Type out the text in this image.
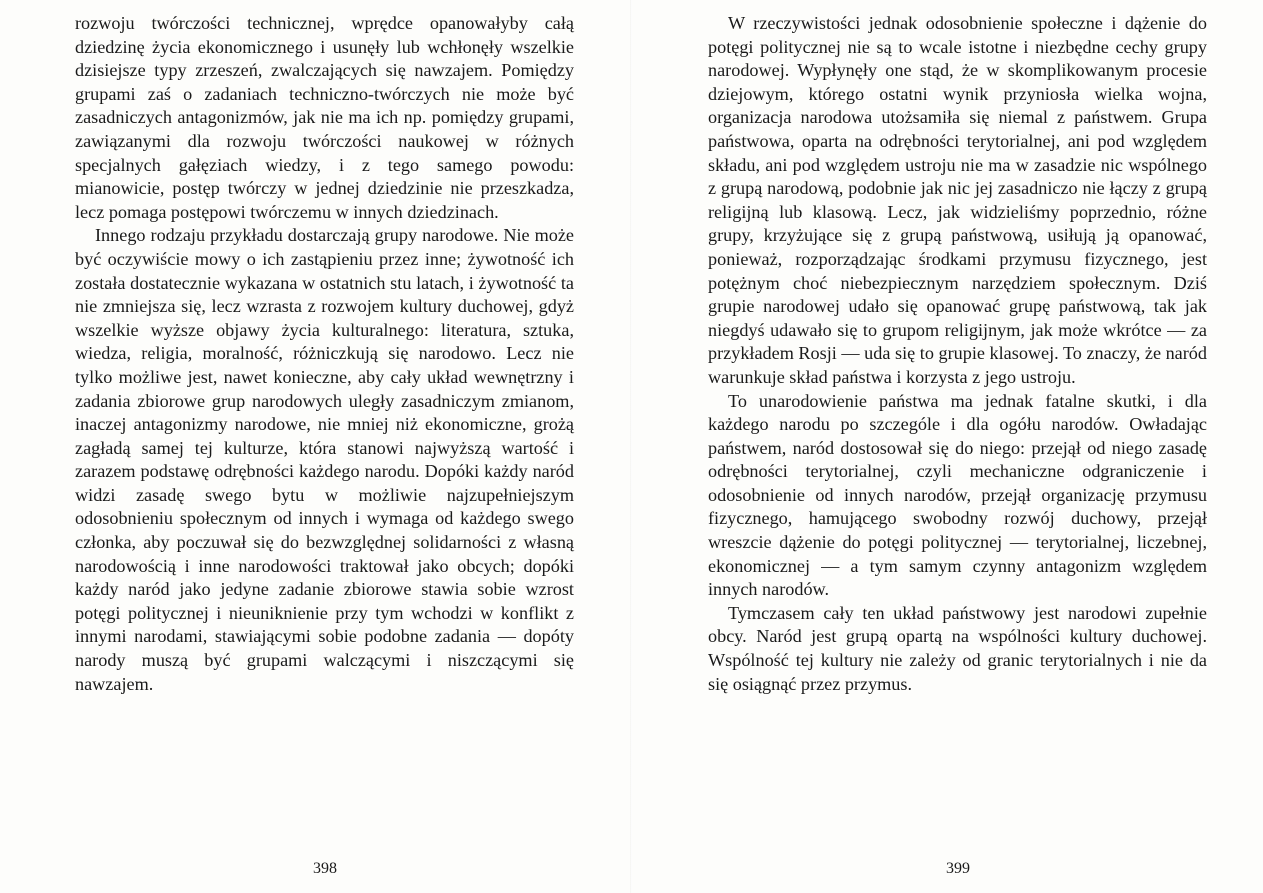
rozwoju twórczości technicznej, wprędce opanowałyby całą dziedzinę życia ekonomicznego i usunęły lub wchłonęły wszelkie dzisiejsze typy zrzeszeń, zwalczających się nawzajem. Pomiędzy grupami zaś o zadaniach techniczno-twórczych nie może być zasadniczych antagonizmów, jak nie ma ich np. pomiędzy grupami, zawiązanymi dla rozwoju twórczości naukowej w różnych specjalnych gałęziach wiedzy, i z tego samego powodu: mianowicie, postęp twórczy w jednej dziedzinie nie przeszkadza, lecz pomaga postępowi twórczemu w innych dziedzinach.

Innego rodzaju przykładu dostarczają grupy narodowe. Nie może być oczywiście mowy o ich zastąpieniu przez inne; żywotność ich została dostatecznie wykazana w ostatnich stu latach, i żywotność ta nie zmniejsza się, lecz wzrasta z rozwojem kultury duchowej, gdyż wszelkie wyższe objawy życia kulturalnego: literatura, sztuka, wiedza, religia, moralność, różniczkują się narodowo. Lecz nie tylko możliwe jest, nawet konieczne, aby cały układ wewnętrzny i zadania zbiorowe grup narodowych uległy zasadniczym zmianom, inaczej antagonizmy narodowe, nie mniej niż ekonomiczne, grożą zagładą samej tej kulturze, która stanowi najwyższą wartość i zarazem podstawę odrębności każdego narodu. Dopóki każdy naród widzi zasadę swego bytu w możliwie najzupełniejszym odosobnieniu społecznym od innych i wymaga od każdego swego członka, aby poczuwał się do bezwzględnej solidarności z własną narodowością i inne narodowości traktował jako obcych; dopóki każdy naród jako jedyne zadanie zbiorowe stawia sobie wzrost potęgi politycznej i nieuniknienie przy tym wchodzi w konflikt z innymi narodami, stawiającymi sobie podobne zadania — dopóty narody muszą być grupami walczącymi i niszczącymi się nawzajem.

398

W rzeczywistości jednak odosobnienie społeczne i dążenie do potęgi politycznej nie są to wcale istotne i niezbędne cechy grupy narodowej. Wypłynęły one stąd, że w skomplikowanym procesie dziejowym, którego ostatni wynik przyniosła wielka wojna, organizacja narodowa utożsamiła się niemal z państwem. Grupa państwowa, oparta na odrębności terytorialnej, ani pod względem składu, ani pod względem ustroju nie ma w zasadzie nic wspólnego z grupą narodową, podobnie jak nic jej zasadniczo nie łączy z grupą religijną lub klasową. Lecz, jak widzieliśmy poprzednio, różne grupy, krzyżujące się z grupą państwową, usiłują ją opanować, ponieważ, rozporządzając środkami przymusu fizycznego, jest potężnym choć niebezpiecznym narzędziem społecznym. Dziś grupie narodowej udało się opanować grupę państwową, tak jak niegdyś udawało się to grupom religijnym, jak może wkrótce — za przykładem Rosji — uda się to grupie klasowej. To znaczy, że naród warunkuje skład państwa i korzysta z jego ustroju.

To unarodowienie państwa ma jednak fatalne skutki, i dla każdego narodu po szczególe i dla ogółu narodów. Owładając państwem, naród dostosował się do niego: przejął od niego zasadę odrębności terytorialnej, czyli mechaniczne odgraniczenie i odosobnienie od innych narodów, przejął organizację przymusu fizycznego, hamującego swobodny rozwój duchowy, przejął wreszcie dążenie do potęgi politycznej — terytorialnej, liczebnej, ekonomicznej — a tym samym czynny antagonizm względem innych narodów.

Tymczasem cały ten układ państwowy jest narodowi zupełnie obcy. Naród jest grupą opartą na wspólności kultury duchowej. Wspólność tej kultury nie zależy od granic terytorialnych i nie da się osiągnąć przez przymus.

399
